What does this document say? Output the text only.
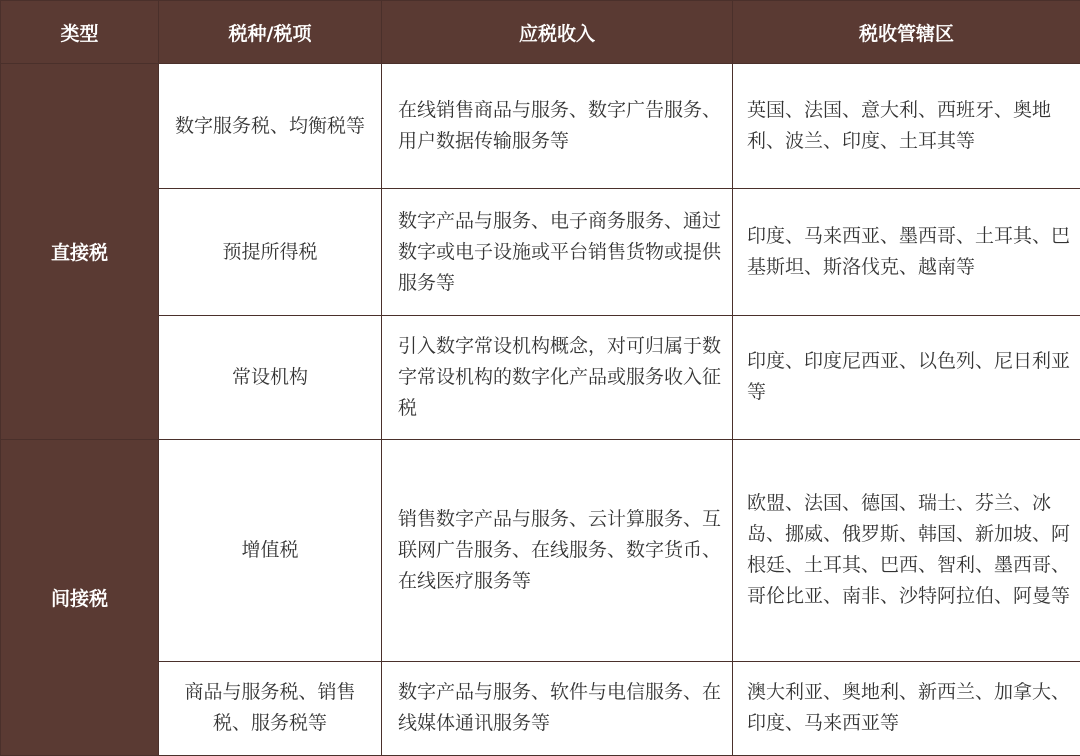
类型	税种/税项	应税收入	税收管辖区
直接税	数字服务税、均衡税等	在线销售商品与服务、数字广告服务、用户数据传输服务等	英国、法国、意大利、西班牙、奥地利、波兰、印度、土耳其等
	预提所得税	数字产品与服务、电子商务服务、通过数字或电子设施或平台销售货物或提供服务等	印度、马来西亚、墨西哥、土耳其、巴基斯坦、斯洛伐克、越南等
	常设机构	引入数字常设机构概念，对可归属于数字常设机构的数字化产品或服务收入征税	印度、印度尼西亚、以色列、尼日利亚等
间接税	增值税	销售数字产品与服务、云计算服务、互联网广告服务、在线服务、数字货币、在线医疗服务等	欧盟、法国、德国、瑞士、芬兰、冰岛、挪威、俄罗斯、韩国、新加坡、阿根廷、土耳其、巴西、智利、墨西哥、哥伦比亚、南非、沙特阿拉伯、阿曼等
	商品与服务税、销售税、服务税等	数字产品与服务、软件与电信服务、在线媒体通讯服务等	澳大利亚、奥地利、新西兰、加拿大、印度、马来西亚等
